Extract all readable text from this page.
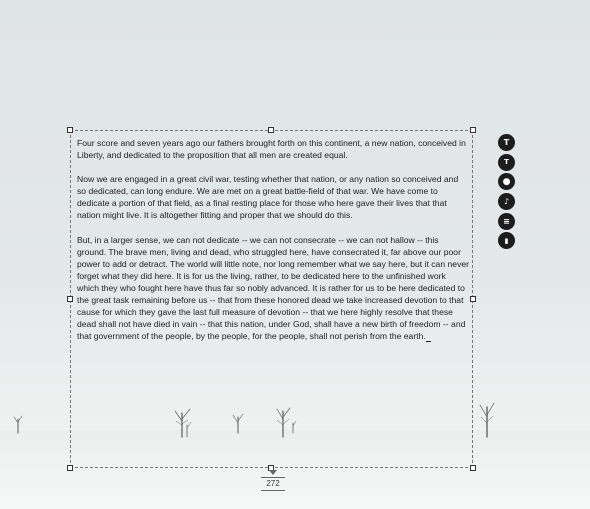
Four score and seven years ago our fathers brought forth on this continent, a new nation, conceived in Liberty, and dedicated to the proposition that all men are created equal.

Now we are engaged in a great civil war, testing whether that nation, or any nation so conceived and so dedicated, can long endure. We are met on a great battle-field of that war. We have come to dedicate a portion of that field, as a final resting place for those who here gave their lives that that nation might live. It is altogether fitting and proper that we should do this.

But, in a larger sense, we can not dedicate -- we can not consecrate -- we can not hallow -- this ground. The brave men, living and dead, who struggled here, have consecrated it, far above our poor power to add or detract. The world will little note, nor long remember what we say here, but it can never forget what they did here. It is for us the living, rather, to be dedicated here to the unfinished work which they who fought here have thus far so nobly advanced. It is rather for us to be here dedicated to the great task remaining before us -- that from these honored dead we take increased devotion to that cause for which they gave the last full measure of devotion -- that we here highly resolve that these dead shall not have died in vain -- that this nation, under God, shall have a new birth of freedom -- and that government of the people, by the people, for the people, shall not perish from the earth.

T
T
●
♪
≡
▮
272
